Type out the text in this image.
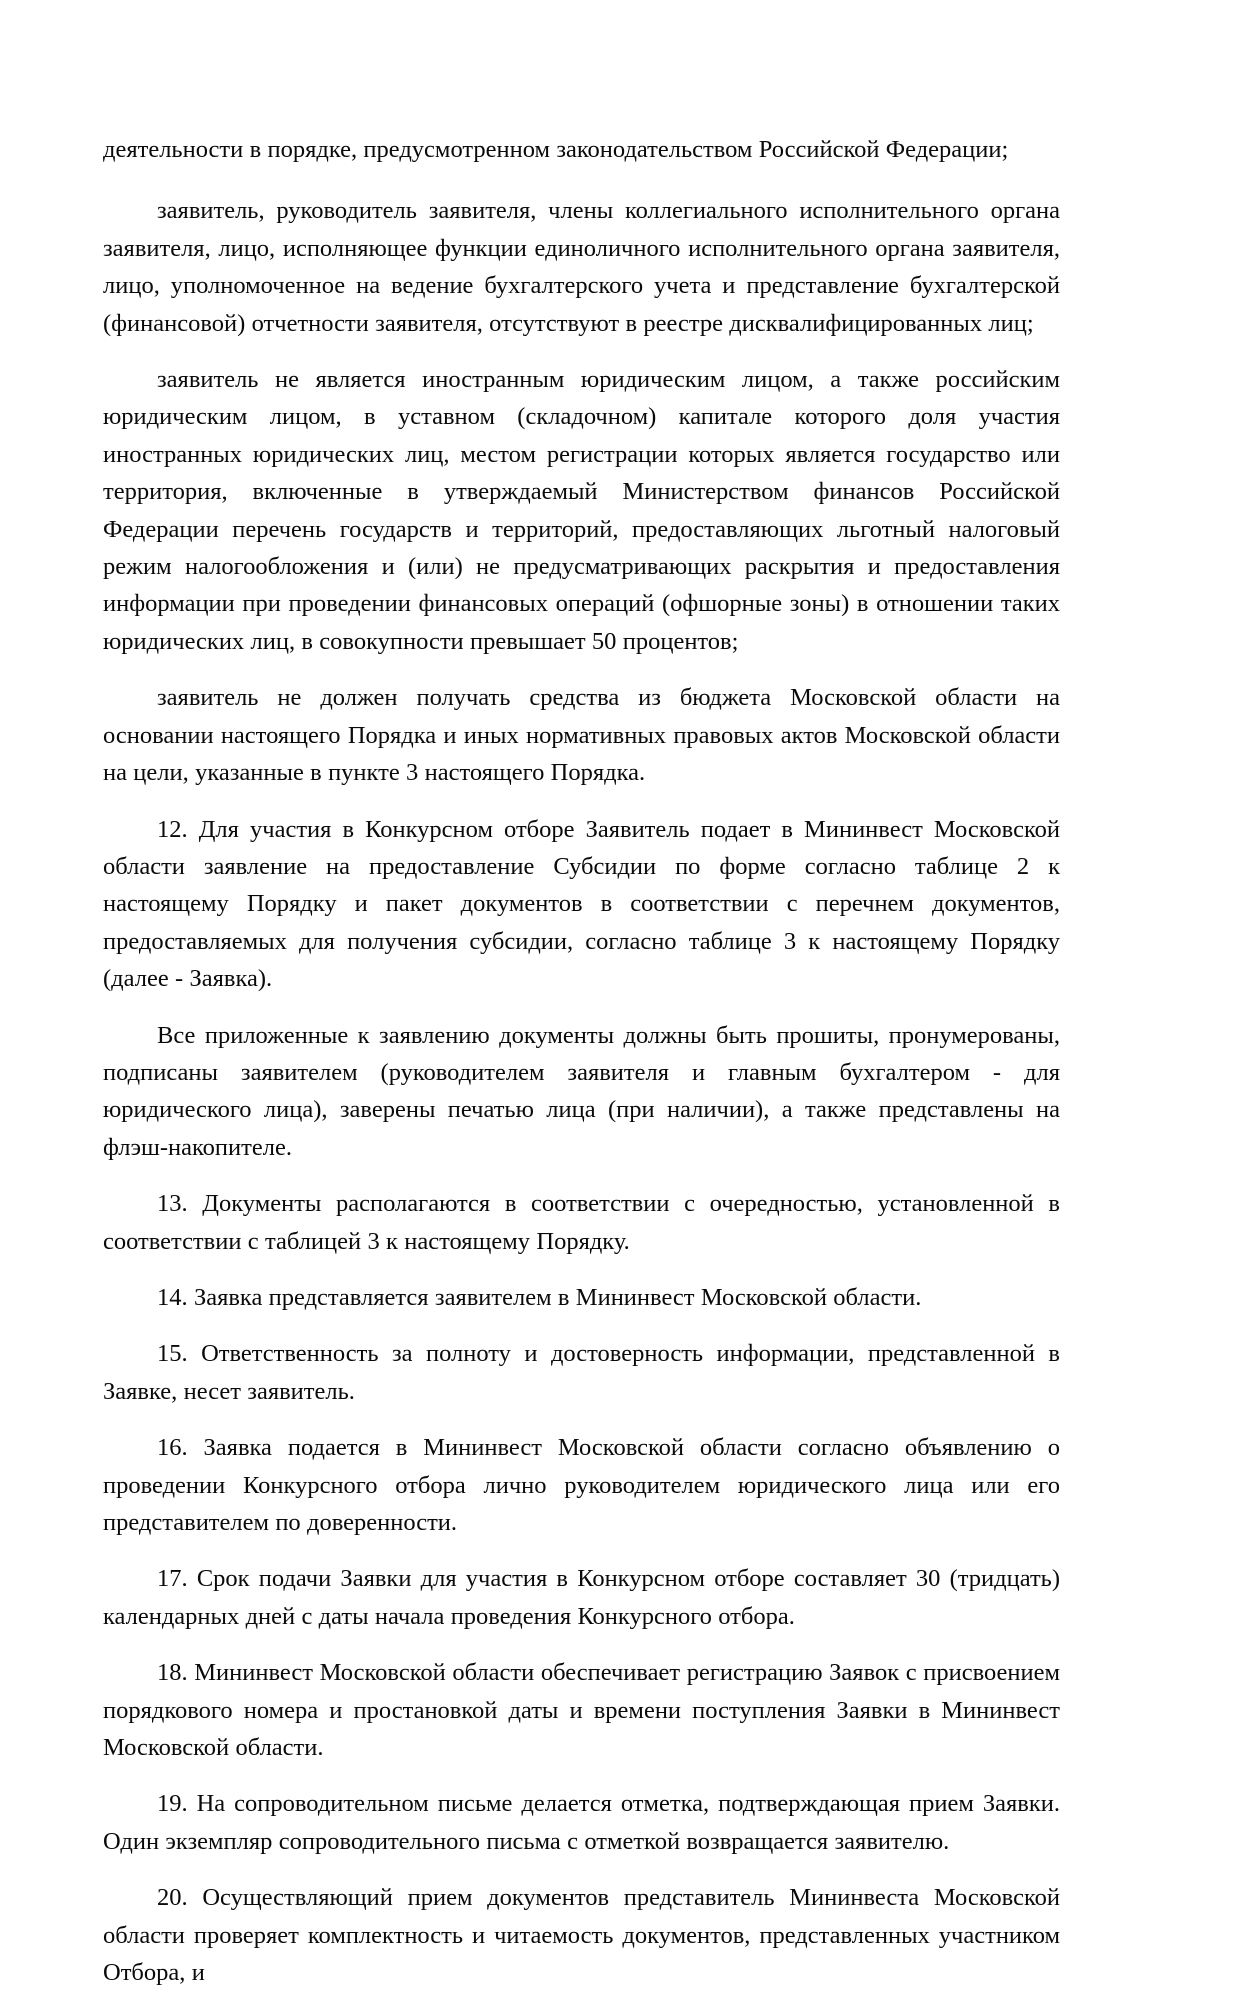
деятельности в порядке, предусмотренном законодательством Российской Федерации;

заявитель, руководитель заявителя, члены коллегиального исполнительного органа заявителя, лицо, исполняющее функции единоличного исполнительного органа заявителя, лицо, уполномоченное на ведение бухгалтерского учета и представление бухгалтерской (финансовой) отчетности заявителя, отсутствуют в реестре дисквалифицированных лиц;

заявитель не является иностранным юридическим лицом, а также российским юридическим лицом, в уставном (складочном) капитале которого доля участия иностранных юридических лиц, местом регистрации которых является государство или территория, включенные в утверждаемый Министерством финансов Российской Федерации перечень государств и территорий, предоставляющих льготный налоговый режим налогообложения и (или) не предусматривающих раскрытия и предоставления информации при проведении финансовых операций (офшорные зоны) в отношении таких юридических лиц, в совокупности превышает 50 процентов;

заявитель не должен получать средства из бюджета Московской области на основании настоящего Порядка и иных нормативных правовых актов Московской области на цели, указанные в пункте 3 настоящего Порядка.

12. Для участия в Конкурсном отборе Заявитель подает в Мининвест Московской области заявление на предоставление Субсидии по форме согласно таблице 2 к настоящему Порядку и пакет документов в соответствии с перечнем документов, предоставляемых для получения субсидии, согласно таблице 3 к настоящему Порядку (далее - Заявка).

Все приложенные к заявлению документы должны быть прошиты, пронумерованы, подписаны заявителем (руководителем заявителя и главным бухгалтером - для юридического лица), заверены печатью лица (при наличии), а также представлены на флэш-накопителе.

13. Документы располагаются в соответствии с очередностью, установленной в соответствии с таблицей 3 к настоящему Порядку.

14. Заявка представляется заявителем в Мининвест Московской области.

15. Ответственность за полноту и достоверность информации, представленной в Заявке, несет заявитель.

16. Заявка подается в Мининвест Московской области согласно объявлению о проведении Конкурсного отбора лично руководителем юридического лица или его представителем по доверенности.

17. Срок подачи Заявки для участия в Конкурсном отборе составляет 30 (тридцать) календарных дней с даты начала проведения Конкурсного отбора.

18. Мининвест Московской области обеспечивает регистрацию Заявок с присвоением порядкового номера и простановкой даты и времени поступления Заявки в Мининвест Московской области.

19. На сопроводительном письме делается отметка, подтверждающая прием Заявки. Один экземпляр сопроводительного письма с отметкой возвращается заявителю.

20. Осуществляющий прием документов представитель Мининвеста Московской области проверяет комплектность и читаемость документов, представленных участником Отбора, и
